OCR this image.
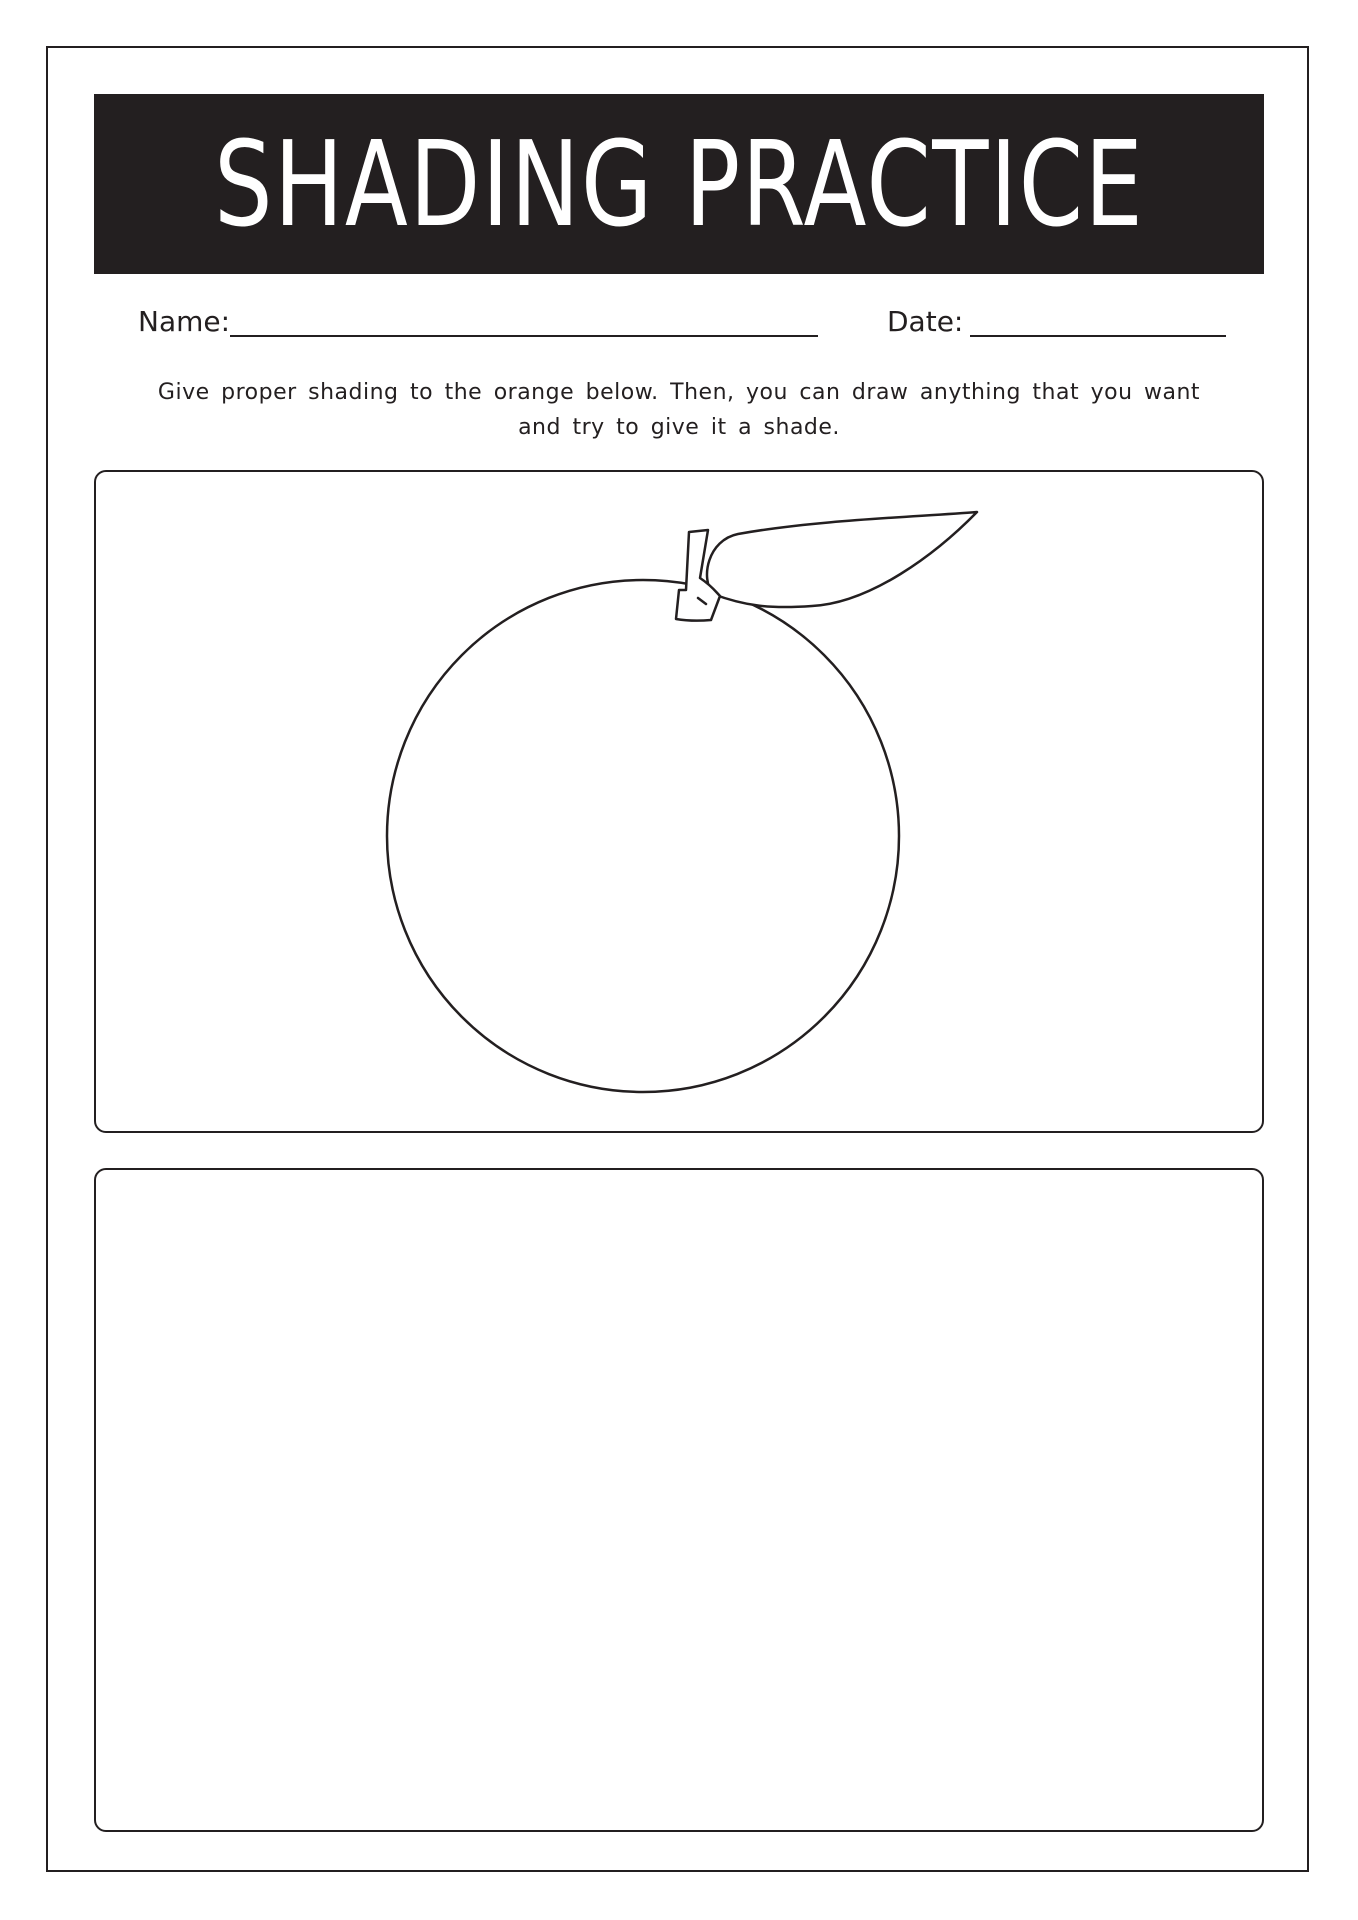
SHADING PRACTICE
Name:	Date:
Give proper shading to the orange below. Then, you can draw anything that you want
and try to give it a shade.
